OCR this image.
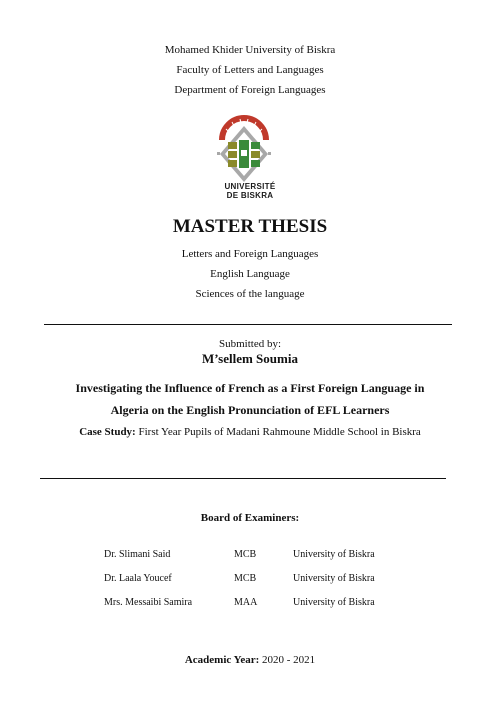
Mohamed Khider University of Biskra
Faculty of Letters and Languages
Department of Foreign Languages
UNIVERSITÉ
DE BISKRA
MASTER THESIS
Letters and Foreign Languages
English Language
Sciences of the language
Submitted by:
M’sellem Soumia
Investigating the Influence of French as a First Foreign Language in
Algeria on the English Pronunciation of EFL Learners
Case Study: First Year Pupils of Madani Rahmoune Middle School in Biskra
Board of Examiners:
Dr. Slimani Said	MCB	University of Biskra
Dr. Laala Youcef	MCB	University of Biskra
Mrs. Messaibi Samira	MAA	University of Biskra
Academic Year: 2020 - 2021
